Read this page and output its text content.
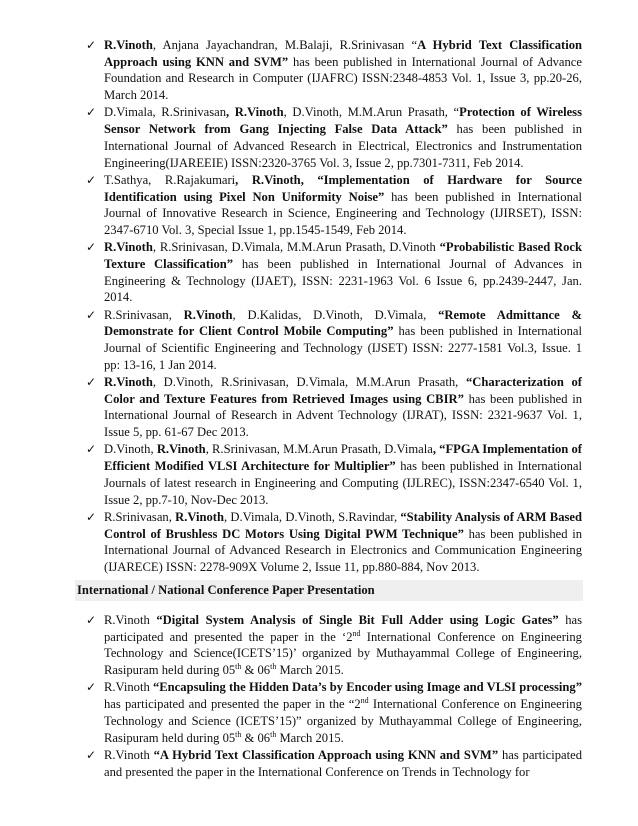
✓ R.Vinoth, Anjana Jayachandran, M.Balaji, R.Srinivasan “A Hybrid Text Classification Approach using KNN and SVM” has been published in International Journal of Advance Foundation and Research in Computer (IJAFRC) ISSN:2348-4853 Vol. 1, Issue 3, pp.20-26, March 2014.
✓ D.Vimala, R.Srinivasan, R.Vinoth, D.Vinoth, M.M.Arun Prasath, “Protection of Wireless Sensor Network from Gang Injecting False Data Attack” has been published in International Journal of Advanced Research in Electrical, Electronics and Instrumentation Engineering(IJAREEIE) ISSN:2320-3765 Vol. 3, Issue 2, pp.7301-7311, Feb 2014.
✓ T.Sathya, R.Rajakumari, R.Vinoth, “Implementation of Hardware for Source Identification using Pixel Non Uniformity Noise” has been published in International Journal of Innovative Research in Science, Engineering and Technology (IJIRSET), ISSN: 2347-6710 Vol. 3, Special Issue 1, pp.1545-1549, Feb 2014.
✓ R.Vinoth, R.Srinivasan, D.Vimala, M.M.Arun Prasath, D.Vinoth “Probabilistic Based Rock Texture Classification” has been published in International Journal of Advances in Engineering & Technology (IJAET), ISSN: 2231-1963 Vol. 6 Issue 6, pp.2439-2447, Jan. 2014.
✓ R.Srinivasan, R.Vinoth, D.Kalidas, D.Vinoth, D.Vimala, “Remote Admittance & Demonstrate for Client Control Mobile Computing” has been published in International Journal of Scientific Engineering and Technology (IJSET) ISSN: 2277-1581 Vol.3, Issue. 1 pp: 13-16, 1 Jan 2014.
✓ R.Vinoth, D.Vinoth, R.Srinivasan, D.Vimala, M.M.Arun Prasath, “Characterization of Color and Texture Features from Retrieved Images using CBIR” has been published in International Journal of Research in Advent Technology (IJRAT), ISSN: 2321-9637 Vol. 1, Issue 5, pp. 61-67 Dec 2013.
✓ D.Vinoth, R.Vinoth, R.Srinivasan, M.M.Arun Prasath, D.Vimala, “FPGA Implementation of Efficient Modified VLSI Architecture for Multiplier” has been published in International Journals of latest research in Engineering and Computing (IJLREC), ISSN:2347-6540 Vol. 1, Issue 2, pp.7-10, Nov-Dec 2013.
✓ R.Srinivasan, R.Vinoth, D.Vimala, D.Vinoth, S.Ravindar, “Stability Analysis of ARM Based Control of Brushless DC Motors Using Digital PWM Technique” has been published in International Journal of Advanced Research in Electronics and Communication Engineering (IJARECE) ISSN: 2278-909X Volume 2, Issue 11, pp.880-884, Nov 2013.
International / National Conference Paper Presentation
✓ R.Vinoth “Digital System Analysis of Single Bit Full Adder using Logic Gates” has participated and presented the paper in the ‘2nd International Conference on Engineering Technology and Science(ICETS’15)’ organized by Muthayammal College of Engineering, Rasipuram held during 05th & 06th March 2015.
✓ R.Vinoth “Encapsuling the Hidden Data’s by Encoder using Image and VLSI processing” has participated and presented the paper in the “2nd International Conference on Engineering Technology and Science (ICETS’15)” organized by Muthayammal College of Engineering, Rasipuram held during 05th & 06th March 2015.
✓ R.Vinoth “A Hybrid Text Classification Approach using KNN and SVM” has participated and presented the paper in the International Conference on Trends in Technology for
